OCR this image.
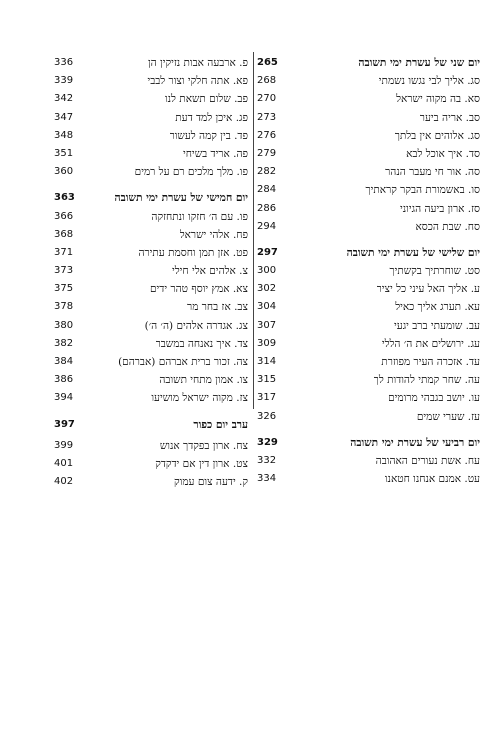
265	יום שני של עשרת ימי תשובה
268	סג. אליך לבי נגשו נשמתי
270	סא. בה מקוה ישראל
273	סב. אריה ביער
276	סג. אלוהים אין בלתך
279	סד. איך אוכל לבא
282	סה. אור חי מעבר הנהר
284	סו. באשמורת הבקר קראתיך
286	סז. ארון ביעה הגיוני
294	סח. שבת הכסא
297	יום שלישי של עשרת ימי תשובה
300	סט. שוחרתיך בקשתיך
302	ע. אליך האל עיני כל יציר
304	עא. תערג אליך כאיל
307	עב. שומעתי ברב יגעי
309	עג. ירושלים את ה׳ הללי
314	עד. אזכרה העיר מפוזרת
315	עה. שחר קמתי להודות לך
317	עו. יושב בגבהי מרומים
326	עז. שערי שמים
329	יום רביעי של עשרת ימי תשובה
332	עח. אשת נעורים האהובה
334	עט. אמנם אנחנו חטאנו
336	פ. ארבעה אבות נזיקין הן
339	פא. אתה חלקי וצור לבבי
342	פב. שלום תשאת לנו
347	פג. איכן למד דעת
348	פד. בין קמה לעשור
351	פה. אריד בשיחי
360	פו. מלך מלכים רם על רמים
363	יום חמישי של עשרת ימי תשובה
366	פו. עם ה׳ חזקו ונתחזקה
368	פח. אלהי ישראל
371	פט. אזן תמן וחסמת עתירה
373	צ. אלהים אלי חילי
375	צא. אמץ יוסף טהר ידים
378	צב. אז בחר מר
380	צג. אגדרה אלהים (ה׳ ה׳)
382	צד. איך נאנחה במשבר
384	צה. זכור ברית אברהם (אברהם)
386	צו. אמון מתחי תשובה
394	צז. מקוה ישראל מושיעו
397	ערב יום כפור
399	צח. ארון בפקדך אנוש
401	צט. ארון דין אם ידקדק
402	ק. ידעה צום עמוק
